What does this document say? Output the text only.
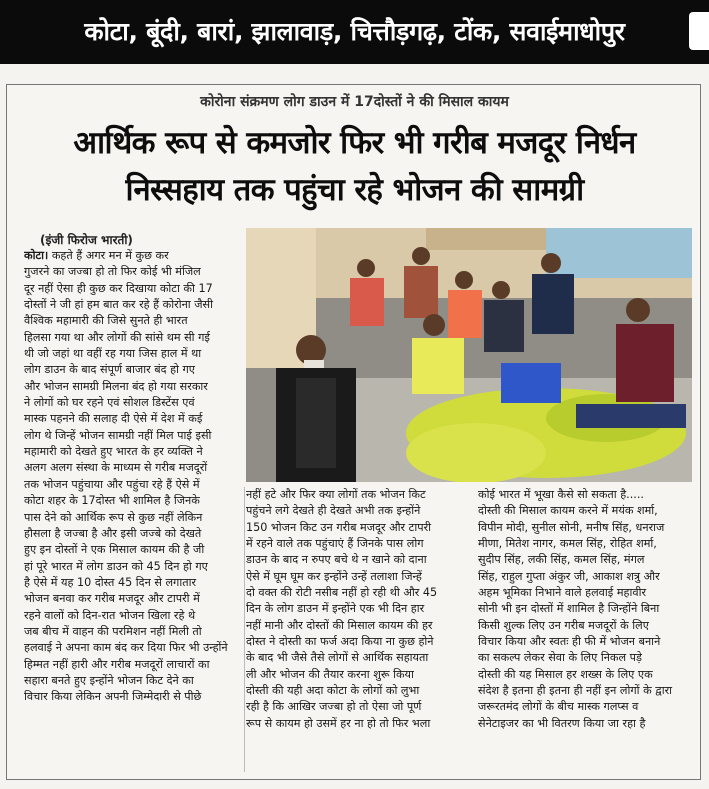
कोटा, बूंदी, बारां, झालावाड़, चित्तौड़गढ़, टोंक, सवाईमाधोपुर
कोरोना संक्रमण लोग डाउन में 17दोस्तों ने की मिसाल कायम
आर्थिक रूप से कमजोर फिर भी गरीब मजदूर निर्धन
निस्सहाय तक पहुंचा रहे भोजन की सामग्री
(इंजी फिरोज भारती)

कोटा। कहते हैं अगर मन में कुछ कर

गुजरने का जज्बा हो तो फिर कोई भी मंजिल

दूर नहीं ऐसा ही कुछ कर दिखाया कोटा की 17

दोस्तों ने जी हां हम बात कर रहे हैं कोरोना जैसी

वैश्विक महामारी की जिसे सुनते ही भारत

हिलसा गया था और लोगों की सांसे थम सी गई

थी जो जहां था वहीं रह गया जिस हाल में था

लोग डाउन के बाद संपूर्ण बाजार बंद हो गए

और भोजन सामग्री मिलना बंद हो गया सरकार

ने लोगों को घर रहने एवं सोशल डिस्टेंस एवं

मास्क पहनने की सलाह दी ऐसे में देश में कई

लोग थे जिन्हें भोजन सामग्री नहीं मिल पाई इसी

महामारी को देखते हुए भारत के हर व्यक्ति ने

अलग अलग संस्था के माध्यम से गरीब मजदूरों

तक भोजन पहुंचाया और पहुंचा रहे हैं ऐसे में

कोटा शहर के 17दोस्त भी शामिल है जिनके

पास देने को आर्थिक रूप से कुछ नहीं लेकिन

हौसला है जज्बा है और इसी जज्बे को देखते

हुए इन दोस्तों ने एक मिसाल कायम की है जी

हां पूरे भारत में लोग डाउन को 45 दिन हो गए

है ऐसे में यह 10 दोस्त 45 दिन से लगातार

भोजन बनवा कर गरीब मजदूर और टापरी में

रहने वालों को दिन-रात भोजन खिला रहे थे

जब बीच में वाहन की परमिशन नहीं मिली तो

हलवाई ने अपना काम बंद कर दिया फिर भी उन्होंने

हिम्मत नहीं हारी और गरीब मजदूरों लाचारों का

सहारा बनते हुए इन्होंने भोजन किट देने का

विचार किया लेकिन अपनी जिम्मेदारी से पीछे

नहीं हटे और फिर क्या लोगों तक भोजन किट

पहुंचने लगे देखते ही देखते अभी तक इन्होंने

150 भोजन किट उन गरीब मजदूर और टापरी

में रहने वाले तक पहुंचाएं हैं जिनके पास लोग

डाउन के बाद न रुपए बचे थे न खाने को दाना

ऐसे में घूम घूम कर इन्होंने उन्हें तलाशा जिन्हें

दो वक्त की रोटी नसीब नहीं हो रही थी और 45

दिन के लोग डाउन में इन्होंने एक भी दिन हार

नहीं मानी और दोस्तों की मिसाल कायम की हर

दोस्त ने दोस्ती का फर्ज अदा किया ना कुछ होने

के बाद भी जैसे तैसे लोगों से आर्थिक सहायता

ली और भोजन की तैयार करना शुरू किया

दोस्ती की यही अदा कोटा के लोगों को लुभा

रही है कि आखिर जज्बा हो तो ऐसा जो पूर्ण

रूप से कायम हो उसमें हर ना हो तो फिर भला

कोई भारत में भूखा कैसे सो सकता है.....

दोस्ती की मिसाल कायम करने में मयंक शर्मा,

विपीन मोदी, सुनील सोनी, मनीष सिंह, धनराज

मीणा, मितेश नागर, कमल सिंह, रोहित शर्मा,

सुदीप सिंह, लकी सिंह, कमल सिंह, मंगल

सिंह, राहुल गुप्ता अंकुर जी, आकाश शत्रु और

अहम भूमिका निभाने वाले हलवाई महावीर

सोनी भी इन दोस्तों में शामिल है जिन्होंने बिना

किसी शुल्क लिए उन गरीब मजदूरों के लिए

विचार किया और स्वतः ही फी में भोजन बनाने

का सकल्प लेकर सेवा के लिए निकल पड़े

दोस्ती की यह मिसाल हर शख्स के लिए एक

संदेश है इतना ही इतना ही नहीं इन लोगों के द्वारा

जरूरतमंद लोगों के बीच मास्क गलप्स व

सेनेटाइजर का भी वितरण किया जा रहा है
